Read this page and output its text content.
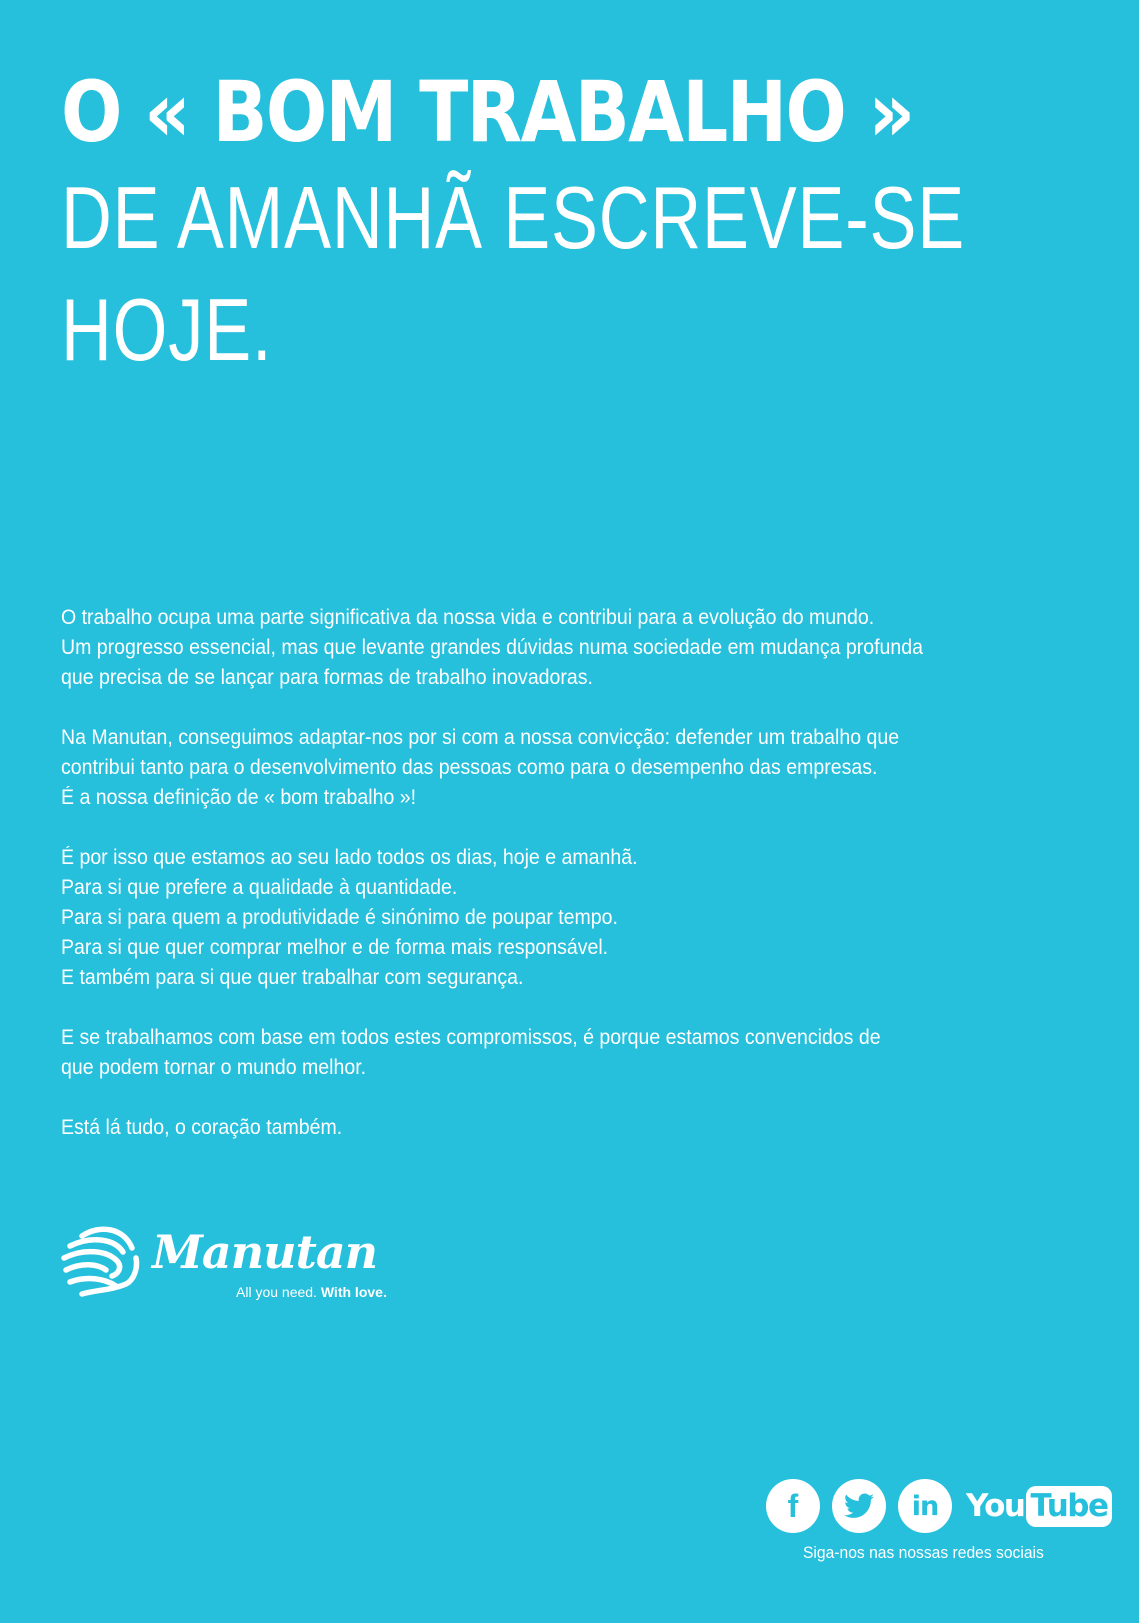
O « BOM TRABALHO »
DE AMANHÃ ESCREVE-SE
HOJE.

O trabalho ocupa uma parte significativa da nossa vida e contribui para a evolução do mundo.
Um progresso essencial, mas que levante grandes dúvidas numa sociedade em mudança profunda
que precisa de se lançar para formas de trabalho inovadoras.

Na Manutan, conseguimos adaptar-nos por si com a nossa convicção: defender um trabalho que
contribui tanto para o desenvolvimento das pessoas como para o desempenho das empresas.
É a nossa definição de « bom trabalho »!

É por isso que estamos ao seu lado todos os dias, hoje e amanhã.
Para si que prefere a qualidade à quantidade.
Para si para quem a produtividade é sinónimo de poupar tempo.
Para si que quer comprar melhor e de forma mais responsável.
E também para si que quer trabalhar com segurança.

E se trabalhamos com base em todos estes compromissos, é porque estamos convencidos de
que podem tornar o mundo melhor.

Está lá tudo, o coração também.

Manutan
All you need. With love.
f	in You Tube
Siga-nos nas nossas redes sociais
